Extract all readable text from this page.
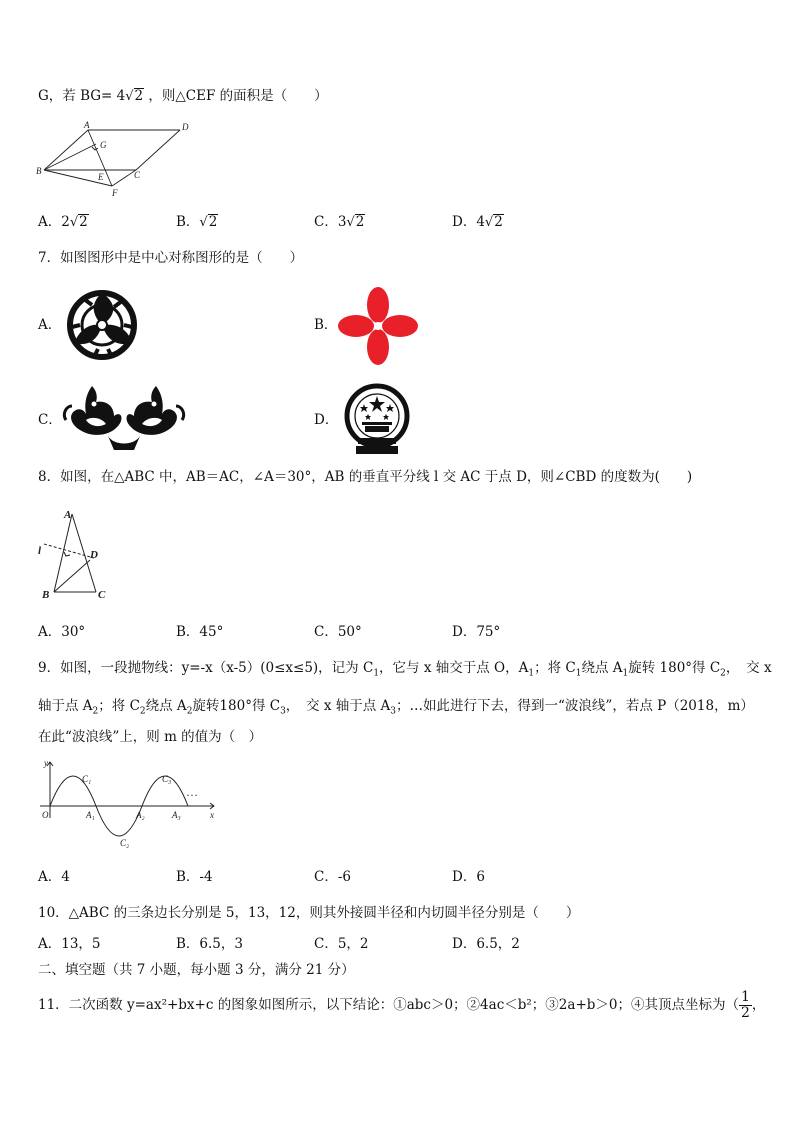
G，若 BG= 4√2 ，则△CEF 的面积是（　　）
A	D
G
B
E	C
F
A．2√2	B．√2	C．3√2	D．4√2
7．如图图形中是中心对称图形的是（　　）
A．	B．
C．	D．
8．如图，在△ABC 中，AB＝AC，∠A＝30°，AB 的垂直平分线 l 交 AC 于点 D，则∠CBD 的度数为(　　)
A
l	D
B	C
A．30°	B．45°	C．50°	D．75°
9．如图，一段抛物线：y=-x（x-5）(0≤x≤5)，记为 $C_1$，它与 x 轴交于点 O，$A_1$；将 $C_1$绕点 $A_1$旋转 180°得 $C_2$，　交 x
轴于点 $A_2$；将 $C_2$绕点 $A_2$旋转180°得 $C_3$，　交 x 轴于点 $A_3$；…如此进行下去，得到一“波浪线”，若点 P（2018，m）
在此“波浪线”上，则 m 的值为（　）
y
C₁	C₃
…
O	A₁	A₂	A₃	x
C₂
A．4	B．-4	C．-6	D．6
10．△ABC 的三条边长分别是 5，13，12，则其外接圆半径和内切圆半径分别是（　　）
A．13，5	B．6.5，3	C．5，2	D．6.5，2
二、填空题（共 7 小题，每小题 3 分，满分 21 分）
11．二次函数 y=ax²+bx+c 的图象如图所示，以下结论：①abc＞0；②4ac＜b²；③2a+b＞0；④其顶点坐标为（ $\frac{1}{2}$ ，
